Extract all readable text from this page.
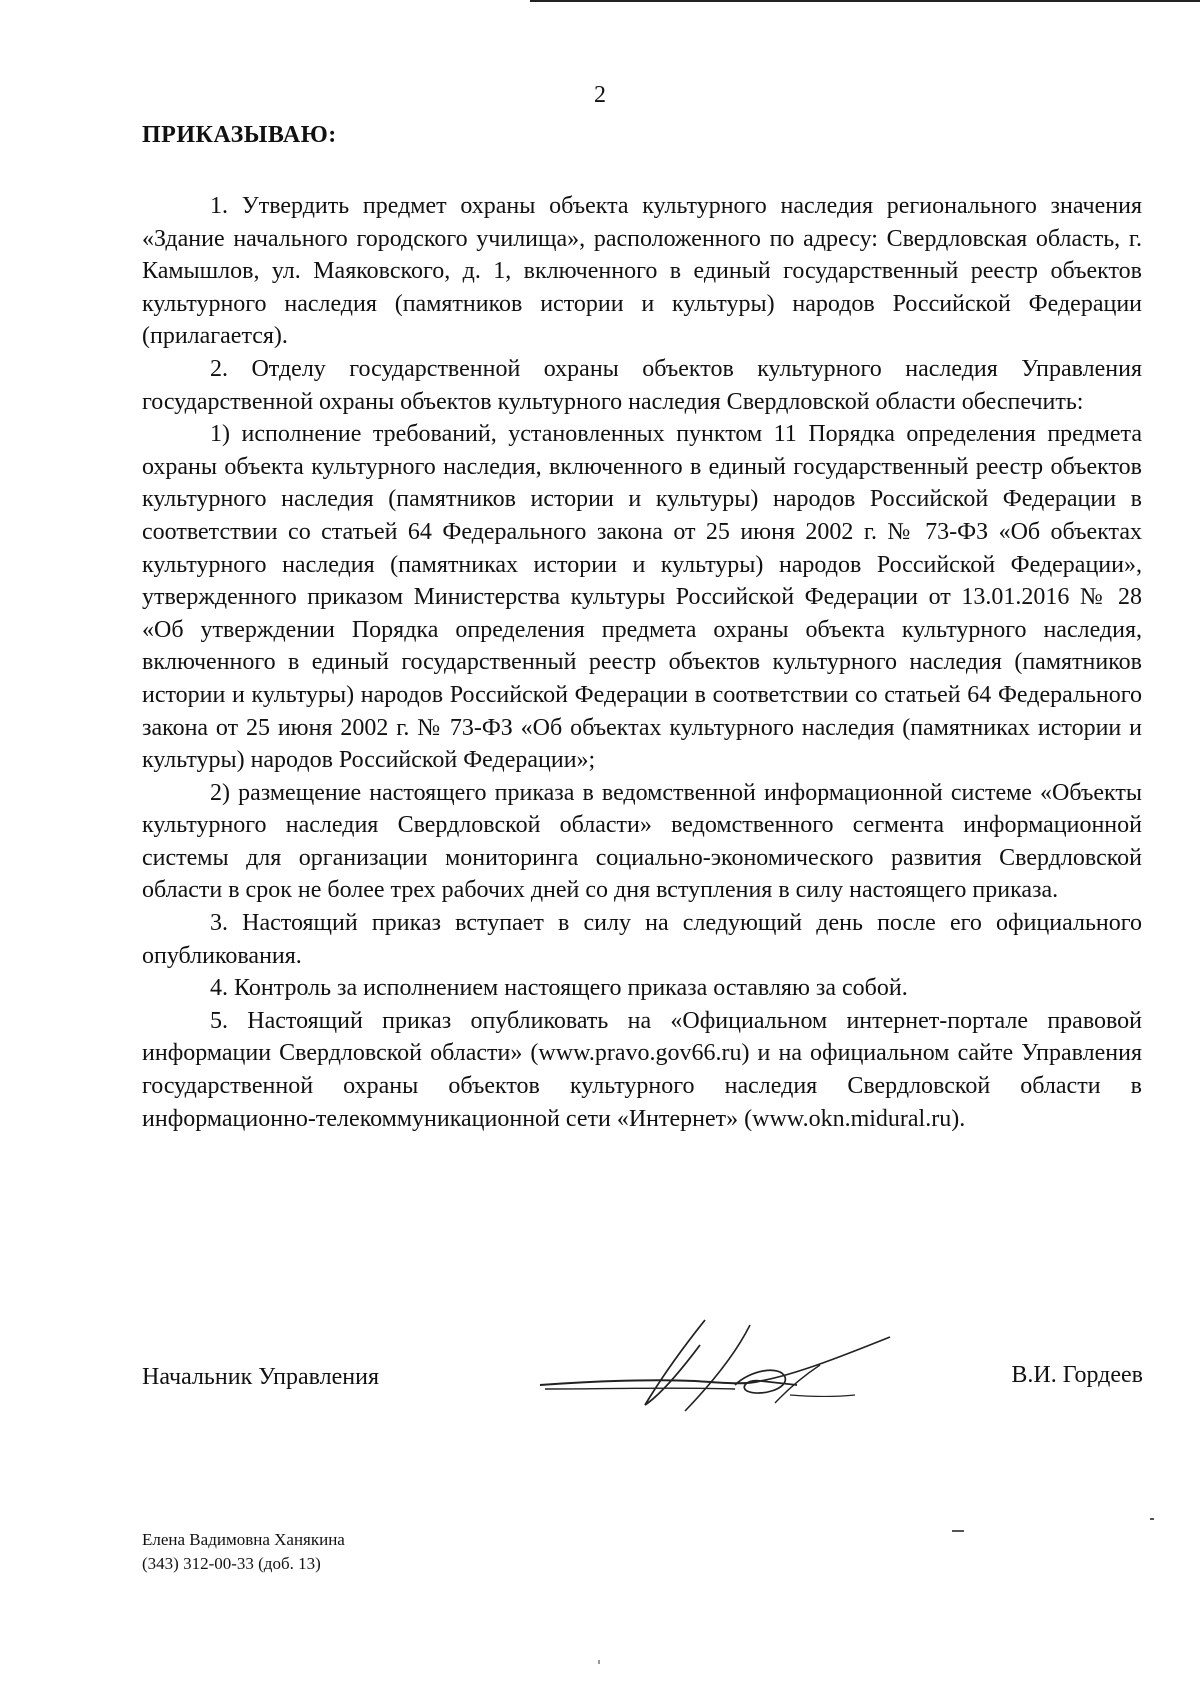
2
ПРИКАЗЫВАЮ:

1. Утвердить предмет охраны объекта культурного наследия регионального значения «Здание начального городского училища», расположенного по адресу: Свердловская область, г. Камышлов, ул. Маяковского, д. 1, включенного в единый государственный реестр объектов культурного наследия (памятников истории и культуры) народов Российской Федерации (прилагается).

2. Отделу государственной охраны объектов культурного наследия Управления государственной охраны объектов культурного наследия Свердловской области обеспечить:

1) исполнение требований, установленных пунктом 11 Порядка определения предмета охраны объекта культурного наследия, включенного в единый государственный реестр объектов культурного наследия (памятников истории и культуры) народов Российской Федерации в соответствии со статьей 64 Федерального закона от 25 июня 2002 г. № 73-ФЗ «Об объектах культурного наследия (памятниках истории и культуры) народов Российской Федерации», утвержденного приказом Министерства культуры Российской Федерации от 13.01.2016 № 28 «Об утверждении Порядка определения предмета охраны объекта культурного наследия, включенного в единый государственный реестр объектов культурного наследия (памятников истории и культуры) народов Российской Федерации в соответствии со статьей 64 Федерального закона от 25 июня 2002 г. № 73-ФЗ «Об объектах культурного наследия (памятниках истории и культуры) народов Российской Федерации»;

2) размещение настоящего приказа в ведомственной информационной системе «Объекты культурного наследия Свердловской области» ведомственного сегмента информационной системы для организации мониторинга социально-экономического развития Свердловской области в срок не более трех рабочих дней со дня вступления в силу настоящего приказа.

3. Настоящий приказ вступает в силу на следующий день после его официального опубликования.

4. Контроль за исполнением настоящего приказа оставляю за собой.

5. Настоящий приказ опубликовать на «Официальном интернет-портале правовой информации Свердловской области» (www.pravo.gov66.ru) и на официальном сайте Управления государственной охраны объектов культурного наследия Свердловской области в информационно-телекоммуникационной сети «Интернет» (www.okn.midural.ru).

Начальник Управления	В.И. Гордеев
Елена Вадимовна Ханякина
(343) 312-00-33 (доб. 13)
